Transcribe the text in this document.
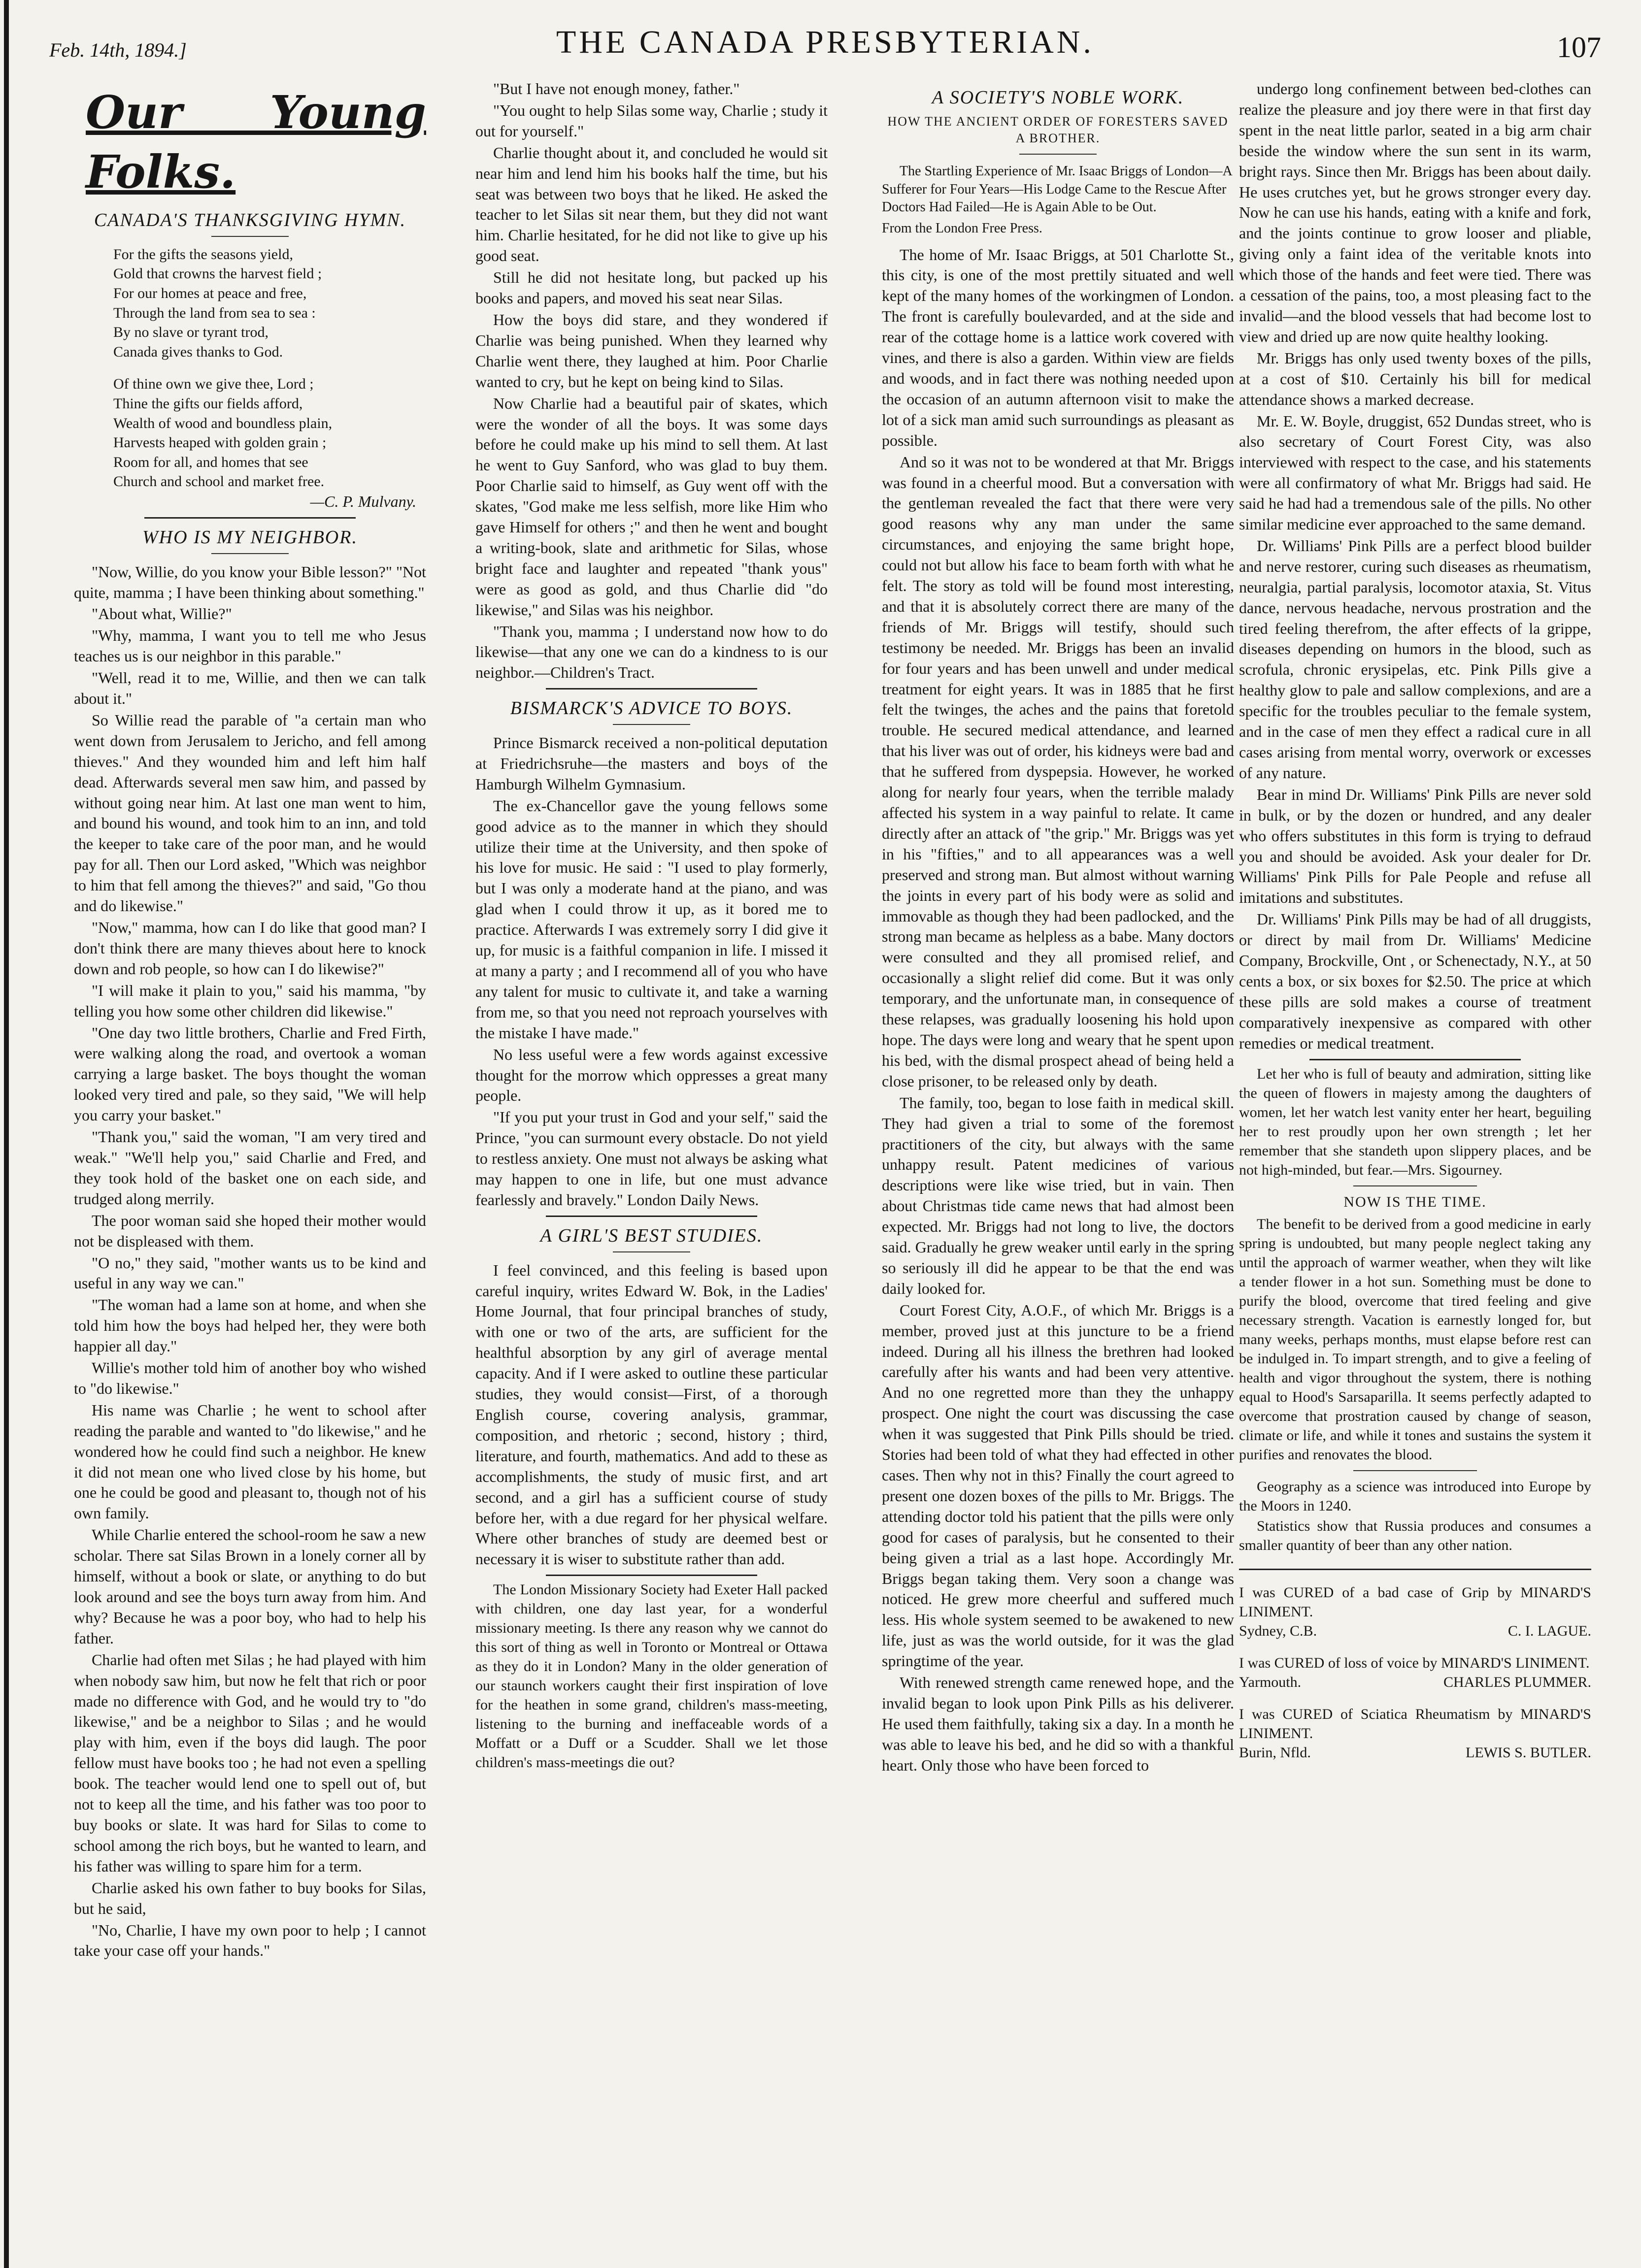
Feb. 14th, 1894.]	THE CANADA PRESBYTERIAN.	107
Our Young Folks.
CANADA'S THANKSGIVING HYMN.
For the gifts the seasons yield,
Gold that crowns the harvest field ;
For our homes at peace and free,
Through the land from sea to sea :
By no slave or tyrant trod,
Canada gives thanks to God.
Of thine own we give thee, Lord ;
Thine the gifts our fields afford,
Wealth of wood and boundless plain,
Harvests heaped with golden grain ;
Room for all, and homes that see
Church and school and market free.
—C. P. Mulvany.
WHO IS MY NEIGHBOR.

"Now, Willie, do you know your Bible lesson?" "Not quite, mamma ; I have been thinking about something."

"About what, Willie?"

"Why, mamma, I want you to tell me who Jesus teaches us is our neighbor in this parable."

"Well, read it to me, Willie, and then we can talk about it."

So Willie read the parable of "a certain man who went down from Jerusalem to Jericho, and fell among thieves." And they wounded him and left him half dead. Afterwards several men saw him, and passed by without going near him. At last one man went to him, and bound his wound, and took him to an inn, and told the keeper to take care of the poor man, and he would pay for all. Then our Lord asked, "Which was neighbor to him that fell among the thieves?" and said, "Go thou and do likewise."

"Now," mamma, how can I do like that good man? I don't think there are many thieves about here to knock down and rob people, so how can I do likewise?"

"I will make it plain to you," said his mamma, "by telling you how some other children did likewise."

"One day two little brothers, Charlie and Fred Firth, were walking along the road, and overtook a woman carrying a large basket. The boys thought the woman looked very tired and pale, so they said, "We will help you carry your basket."

"Thank you," said the woman, "I am very tired and weak." "We'll help you," said Charlie and Fred, and they took hold of the basket one on each side, and trudged along merrily.

The poor woman said she hoped their mother would not be displeased with them.

"O no," they said, "mother wants us to be kind and useful in any way we can."

"The woman had a lame son at home, and when she told him how the boys had helped her, they were both happier all day."

Willie's mother told him of another boy who wished to "do likewise."

His name was Charlie ; he went to school after reading the parable and wanted to "do likewise," and he wondered how he could find such a neighbor. He knew it did not mean one who lived close by his home, but one he could be good and pleasant to, though not of his own family.

While Charlie entered the school-room he saw a new scholar. There sat Silas Brown in a lonely corner all by himself, without a book or slate, or anything to do but look around and see the boys turn away from him. And why? Because he was a poor boy, who had to help his father.

Charlie had often met Silas ; he had played with him when nobody saw him, but now he felt that rich or poor made no difference with God, and he would try to "do likewise," and be a neighbor to Silas ; and he would play with him, even if the boys did laugh. The poor fellow must have books too ; he had not even a spelling book. The teacher would lend one to spell out of, but not to keep all the time, and his father was too poor to buy books or slate. It was hard for Silas to come to school among the rich boys, but he wanted to learn, and his father was willing to spare him for a term.

Charlie asked his own father to buy books for Silas, but he said,

"No, Charlie, I have my own poor to help ; I cannot take your case off your hands."

"But I have not enough money, father."

"You ought to help Silas some way, Charlie ; study it out for yourself."

Charlie thought about it, and concluded he would sit near him and lend him his books half the time, but his seat was between two boys that he liked. He asked the teacher to let Silas sit near them, but they did not want him. Charlie hesitated, for he did not like to give up his good seat.

Still he did not hesitate long, but packed up his books and papers, and moved his seat near Silas.

How the boys did stare, and they wondered if Charlie was being punished. When they learned why Charlie went there, they laughed at him. Poor Charlie wanted to cry, but he kept on being kind to Silas.

Now Charlie had a beautiful pair of skates, which were the wonder of all the boys. It was some days before he could make up his mind to sell them. At last he went to Guy Sanford, who was glad to buy them. Poor Charlie said to himself, as Guy went off with the skates, "God make me less selfish, more like Him who gave Himself for others ;" and then he went and bought a writing-book, slate and arithmetic for Silas, whose bright face and laughter and repeated "thank yous" were as good as gold, and thus Charlie did "do likewise," and Silas was his neighbor.

"Thank you, mamma ; I understand now how to do likewise—that any one we can do a kindness to is our neighbor.—Children's Tract.

BISMARCK'S ADVICE TO BOYS.

Prince Bismarck received a non-political deputation at Friedrichsruhe—the masters and boys of the Hamburgh Wilhelm Gymnasium.

The ex-Chancellor gave the young fellows some good advice as to the manner in which they should utilize their time at the University, and then spoke of his love for music. He said : "I used to play formerly, but I was only a moderate hand at the piano, and was glad when I could throw it up, as it bored me to practice. Afterwards I was extremely sorry I did give it up, for music is a faithful companion in life. I missed it at many a party ; and I recommend all of you who have any talent for music to cultivate it, and take a warning from me, so that you need not reproach yourselves with the mistake I have made."

No less useful were a few words against excessive thought for the morrow which oppresses a great many people.

"If you put your trust in God and your self," said the Prince, "you can surmount every obstacle. Do not yield to restless anxiety. One must not always be asking what may happen to one in life, but one must advance fearlessly and bravely." London Daily News.

A GIRL'S BEST STUDIES.

I feel convinced, and this feeling is based upon careful inquiry, writes Edward W. Bok, in the Ladies' Home Journal, that four principal branches of study, with one or two of the arts, are sufficient for the healthful absorption by any girl of average mental capacity. And if I were asked to outline these particular studies, they would consist—First, of a thorough English course, covering analysis, grammar, composition, and rhetoric ; second, history ; third, literature, and fourth, mathematics. And add to these as accomplishments, the study of music first, and art second, and a girl has a sufficient course of study before her, with a due regard for her physical welfare. Where other branches of study are deemed best or necessary it is wiser to substitute rather than add.

The London Missionary Society had Exeter Hall packed with children, one day last year, for a wonderful missionary meeting. Is there any reason why we cannot do this sort of thing as well in Toronto or Montreal or Ottawa as they do it in London? Many in the older generation of our staunch workers caught their first inspiration of love for the heathen in some grand, children's mass-meeting, listening to the burning and ineffaceable words of a Moffatt or a Duff or a Scudder. Shall we let those children's mass-meetings die out?

A SOCIETY'S NOBLE WORK.
HOW THE ANCIENT ORDER OF FORESTERS SAVED A BROTHER.

The Startling Experience of Mr. Isaac Briggs of London—A Sufferer for Four Years—His Lodge Came to the Rescue After Doctors Had Failed—He is Again Able to be Out.

From the London Free Press.

The home of Mr. Isaac Briggs, at 501 Charlotte St., this city, is one of the most prettily situated and well kept of the many homes of the workingmen of London. The front is carefully boulevarded, and at the side and rear of the cottage home is a lattice work covered with vines, and there is also a garden. Within view are fields and woods, and in fact there was nothing needed upon the occasion of an autumn afternoon visit to make the lot of a sick man amid such surroundings as pleasant as possible.

And so it was not to be wondered at that Mr. Briggs was found in a cheerful mood. But a conversation with the gentleman revealed the fact that there were very good reasons why any man under the same circumstances, and enjoying the same bright hope, could not but allow his face to beam forth with what he felt. The story as told will be found most interesting, and that it is absolutely correct there are many of the friends of Mr. Briggs will testify, should such testimony be needed. Mr. Briggs has been an invalid for four years and has been unwell and under medical treatment for eight years. It was in 1885 that he first felt the twinges, the aches and the pains that foretold trouble. He secured medical attendance, and learned that his liver was out of order, his kidneys were bad and that he suffered from dyspepsia. However, he worked along for nearly four years, when the terrible malady affected his system in a way painful to relate. It came directly after an attack of "the grip." Mr. Briggs was yet in his "fifties," and to all appearances was a well preserved and strong man. But almost without warning the joints in every part of his body were as solid and immovable as though they had been padlocked, and the strong man became as helpless as a babe. Many doctors were consulted and they all promised relief, and occasionally a slight relief did come. But it was only temporary, and the unfortunate man, in consequence of these relapses, was gradually loosening his hold upon hope. The days were long and weary that he spent upon his bed, with the dismal prospect ahead of being held a close prisoner, to be released only by death.

The family, too, began to lose faith in medical skill. They had given a trial to some of the foremost practitioners of the city, but always with the same unhappy result. Patent medicines of various descriptions were like wise tried, but in vain. Then about Christmas tide came news that had almost been expected. Mr. Briggs had not long to live, the doctors said. Gradually he grew weaker until early in the spring so seriously ill did he appear to be that the end was daily looked for.

Court Forest City, A.O.F., of which Mr. Briggs is a member, proved just at this juncture to be a friend indeed. During all his illness the brethren had looked carefully after his wants and had been very attentive. And no one regretted more than they the unhappy prospect. One night the court was discussing the case when it was suggested that Pink Pills should be tried. Stories had been told of what they had effected in other cases. Then why not in this? Finally the court agreed to present one dozen boxes of the pills to Mr. Briggs. The attending doctor told his patient that the pills were only good for cases of paralysis, but he consented to their being given a trial as a last hope. Accordingly Mr. Briggs began taking them. Very soon a change was noticed. He grew more cheerful and suffered much less. His whole system seemed to be awakened to new life, just as was the world outside, for it was the glad springtime of the year.

With renewed strength came renewed hope, and the invalid began to look upon Pink Pills as his deliverer. He used them faithfully, taking six a day. In a month he was able to leave his bed, and he did so with a thankful heart. Only those who have been forced to

undergo long confinement between bed-clothes can realize the pleasure and joy there were in that first day spent in the neat little parlor, seated in a big arm chair beside the window where the sun sent in its warm, bright rays. Since then Mr. Briggs has been about daily. He uses crutches yet, but he grows stronger every day. Now he can use his hands, eating with a knife and fork, and the joints continue to grow looser and pliable, giving only a faint idea of the veritable knots into which those of the hands and feet were tied. There was a cessation of the pains, too, a most pleasing fact to the invalid—and the blood vessels that had become lost to view and dried up are now quite healthy looking.

Mr. Briggs has only used twenty boxes of the pills, at a cost of $10. Certainly his bill for medical attendance shows a marked decrease.

Mr. E. W. Boyle, druggist, 652 Dundas street, who is also secretary of Court Forest City, was also interviewed with respect to the case, and his statements were all confirmatory of what Mr. Briggs had said. He said he had had a tremendous sale of the pills. No other similar medicine ever approached to the same demand.

Dr. Williams' Pink Pills are a perfect blood builder and nerve restorer, curing such diseases as rheumatism, neuralgia, partial paralysis, locomotor ataxia, St. Vitus dance, nervous headache, nervous prostration and the tired feeling therefrom, the after effects of la grippe, diseases depending on humors in the blood, such as scrofula, chronic erysipelas, etc. Pink Pills give a healthy glow to pale and sallow complexions, and are a specific for the troubles peculiar to the female system, and in the case of men they effect a radical cure in all cases arising from mental worry, overwork or excesses of any nature.

Bear in mind Dr. Williams' Pink Pills are never sold in bulk, or by the dozen or hundred, and any dealer who offers substitutes in this form is trying to defraud you and should be avoided. Ask your dealer for Dr. Williams' Pink Pills for Pale People and refuse all imitations and substitutes.

Dr. Williams' Pink Pills may be had of all druggists, or direct by mail from Dr. Williams' Medicine Company, Brockville, Ont , or Schenectady, N.Y., at 50 cents a box, or six boxes for $2.50. The price at which these pills are sold makes a course of treatment comparatively inexpensive as compared with other remedies or medical treatment.

Let her who is full of beauty and admiration, sitting like the queen of flowers in majesty among the daughters of women, let her watch lest vanity enter her heart, beguiling her to rest proudly upon her own strength ; let her remember that she standeth upon slippery places, and be not high-minded, but fear.—Mrs. Sigourney.

NOW IS THE TIME.

The benefit to be derived from a good medicine in early spring is undoubted, but many people neglect taking any until the approach of warmer weather, when they wilt like a tender flower in a hot sun. Something must be done to purify the blood, overcome that tired feeling and give necessary strength. Vacation is earnestly longed for, but many weeks, perhaps months, must elapse before rest can be indulged in. To impart strength, and to give a feeling of health and vigor throughout the system, there is nothing equal to Hood's Sarsaparilla. It seems perfectly adapted to overcome that prostration caused by change of season, climate or life, and while it tones and sustains the system it purifies and renovates the blood.

Geography as a science was introduced into Europe by the Moors in 1240.

Statistics show that Russia produces and consumes a smaller quantity of beer than any other nation.

I was CURED of a bad case of Grip by MINARD'S LINIMENT.
Sydney, C.B.	C. I. LAGUE.
I was CURED of loss of voice by MINARD'S LINIMENT.
Yarmouth.	CHARLES PLUMMER.
I was CURED of Sciatica Rheumatism by MINARD'S LINIMENT.
Burin, Nfld.	LEWIS S. BUTLER.
